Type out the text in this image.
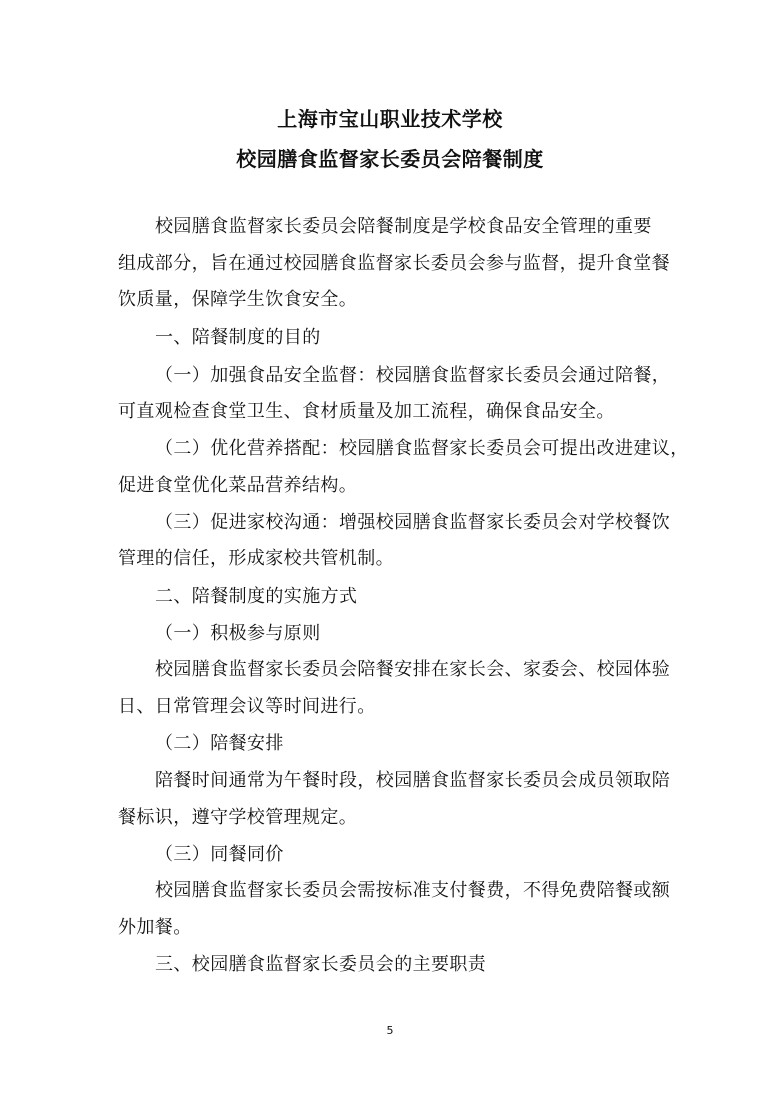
上海市宝山职业技术学校
校园膳食监督家长委员会陪餐制度
校园膳食监督家长委员会陪餐制度是学校食品安全管理的重要
组成部分，旨在通过校园膳食监督家长委员会参与监督，提升食堂餐
饮质量，保障学生饮食安全。
一、陪餐制度的目的
（一）加强食品安全监督：校园膳食监督家长委员会通过陪餐，
可直观检查食堂卫生、食材质量及加工流程，确保食品安全。
（二）优化营养搭配：校园膳食监督家长委员会可提出改进建议，
促进食堂优化菜品营养结构。
（三）促进家校沟通：增强校园膳食监督家长委员会对学校餐饮
管理的信任，形成家校共管机制。
二、陪餐制度的实施方式
（一）积极参与原则
校园膳食监督家长委员会陪餐安排在家长会、家委会、校园体验
日、日常管理会议等时间进行。
（二）陪餐安排
陪餐时间通常为午餐时段，校园膳食监督家长委员会成员领取陪
餐标识，遵守学校管理规定。
（三）同餐同价
校园膳食监督家长委员会需按标准支付餐费，不得免费陪餐或额
外加餐。
三、校园膳食监督家长委员会的主要职责
5
